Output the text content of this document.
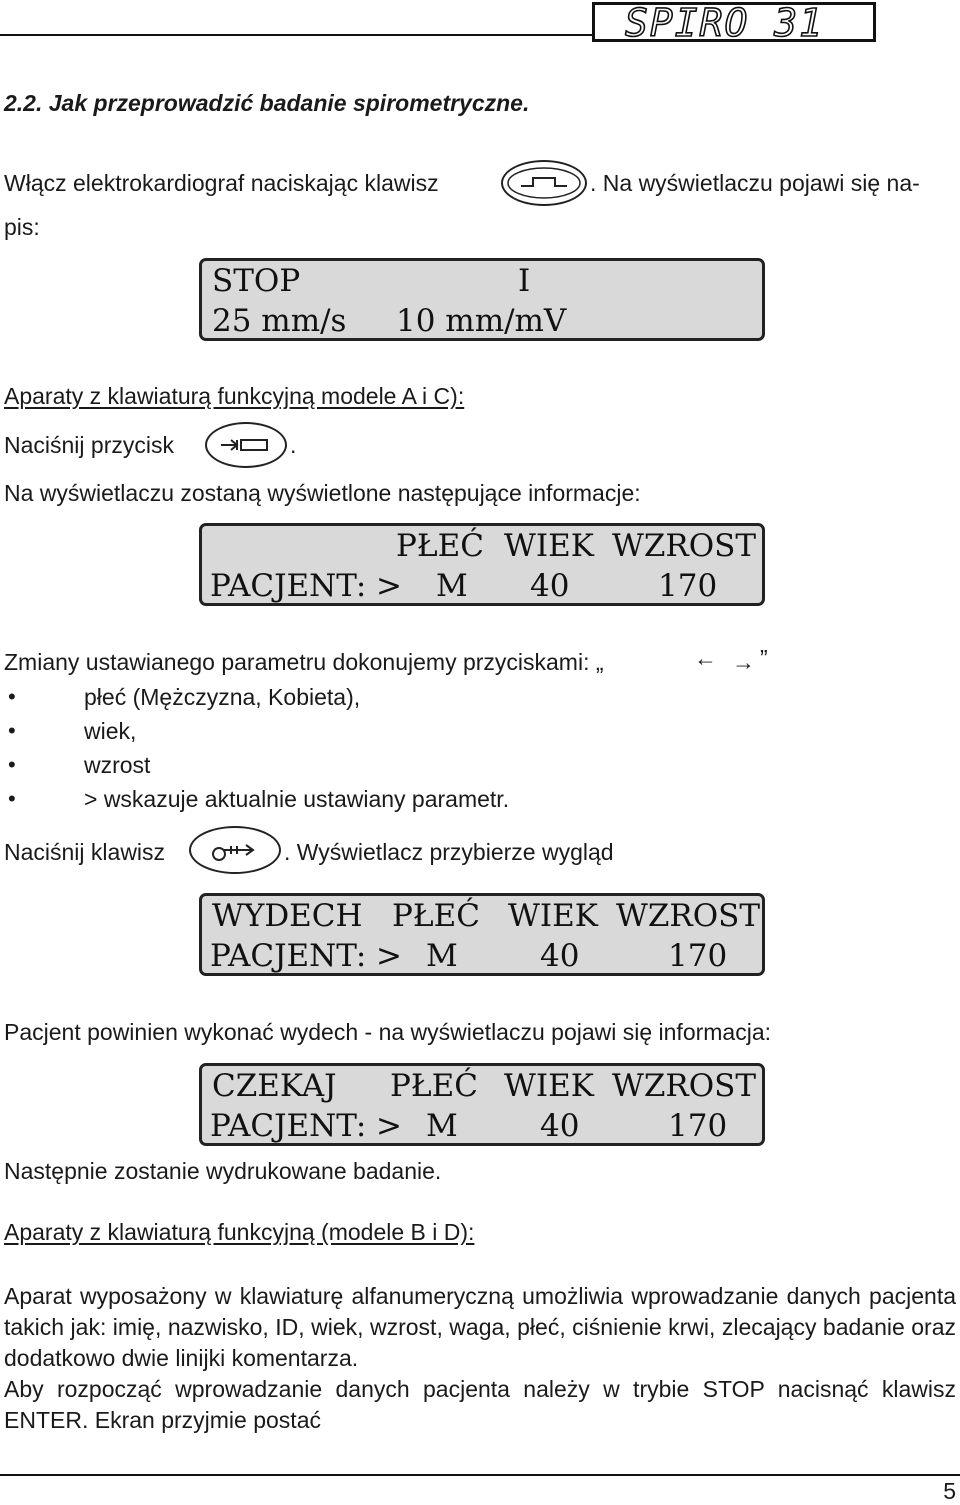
SPIRO 31
2.2. Jak przeprowadzić badanie spirometryczne.
Włącz elektrokardiograf naciskając klawisz	. Na wyświetlaczu pojawi się na-
pis:
STOP	I
25 mm/s 10 mm/mV
Aparaty z klawiaturą funkcyjną modele A i C):
Naciśnij przycisk	.
Na wyświetlaczu zostaną wyświetlone następujące informacje:
PŁEĆ WIEK WZROST
PACJENT: > M 40	170
Zmiany ustawianego parametru dokonujemy przyciskami: „	← → ”
•	płeć (Mężczyzna, Kobieta),
•	wiek,
•	wzrost
•	> wskazuje aktualnie ustawiany parametr.
Naciśnij klawisz	. Wyświetlacz przybierze wygląd
WYDECH PŁEĆ WIEK WZROST
PACJENT: > M	40	170
Pacjent powinien wykonać wydech - na wyświetlaczu pojawi się informacja:
CZEKAJ PŁEĆ WIEK WZROST
PACJENT: > M	40	170
Następnie zostanie wydrukowane badanie.
Aparaty z klawiaturą funkcyjną (modele B i D):
Aparat wyposażony w klawiaturę alfanumeryczną umożliwia wprowadzanie danych pacjenta takich jak: imię, nazwisko, ID, wiek, wzrost, waga, płeć, ciśnienie krwi, zlecający badanie oraz dodatkowo dwie linijki komentarza.
Aby rozpocząć wprowadzanie danych pacjenta należy w trybie STOP nacisnąć klawisz ENTER. Ekran przyjmie postać
5
